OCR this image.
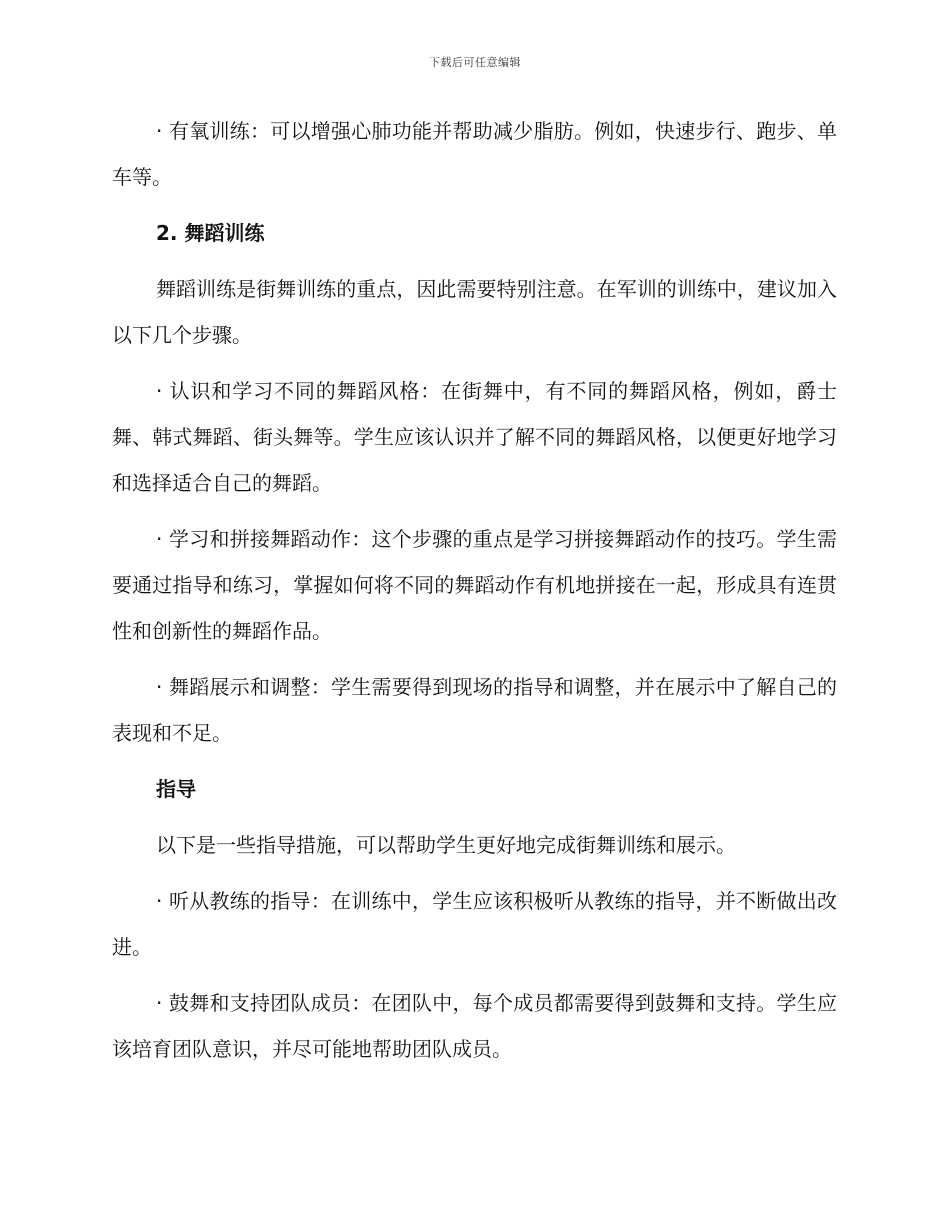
下载后可任意编辑

· 有氧训练：可以增强心肺功能并帮助减少脂肪。例如，快速步行、跑步、单车等。

2. 舞蹈训练

舞蹈训练是街舞训练的重点，因此需要特别注意。在军训的训练中，建议加入以下几个步骤。

· 认识和学习不同的舞蹈风格：在街舞中，有不同的舞蹈风格，例如，爵士舞、韩式舞蹈、街头舞等。学生应该认识并了解不同的舞蹈风格，以便更好地学习和选择适合自己的舞蹈。

· 学习和拼接舞蹈动作：这个步骤的重点是学习拼接舞蹈动作的技巧。学生需要通过指导和练习，掌握如何将不同的舞蹈动作有机地拼接在一起，形成具有连贯性和创新性的舞蹈作品。

· 舞蹈展示和调整：学生需要得到现场的指导和调整，并在展示中了解自己的表现和不足。

指导

以下是一些指导措施，可以帮助学生更好地完成街舞训练和展示。

· 听从教练的指导：在训练中，学生应该积极听从教练的指导，并不断做出改进。

· 鼓舞和支持团队成员：在团队中，每个成员都需要得到鼓舞和支持。学生应该培育团队意识，并尽可能地帮助团队成员。
